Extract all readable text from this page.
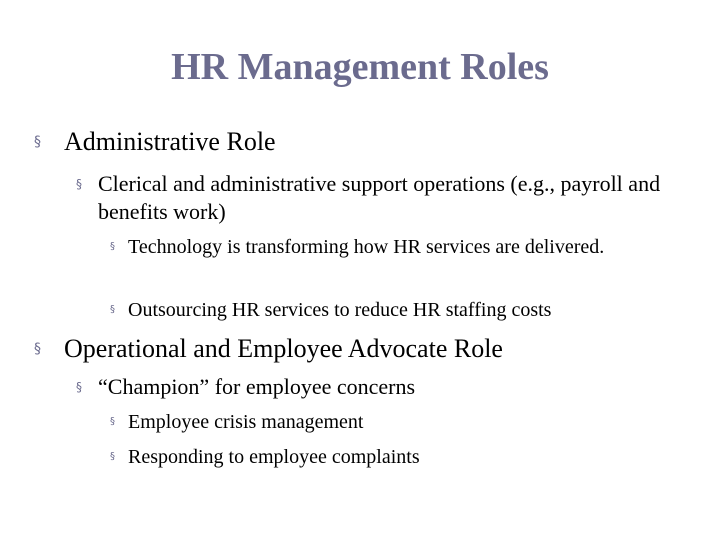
HR Management Roles
§ Administrative Role
§ Clerical and administrative support operations (e.g., payroll and benefits work)
§ Technology is transforming how HR services are delivered.
§ Outsourcing HR services to reduce HR staffing costs
§ Operational and Employee Advocate Role
§ “Champion” for employee concerns
§ Employee crisis management
§ Responding to employee complaints
